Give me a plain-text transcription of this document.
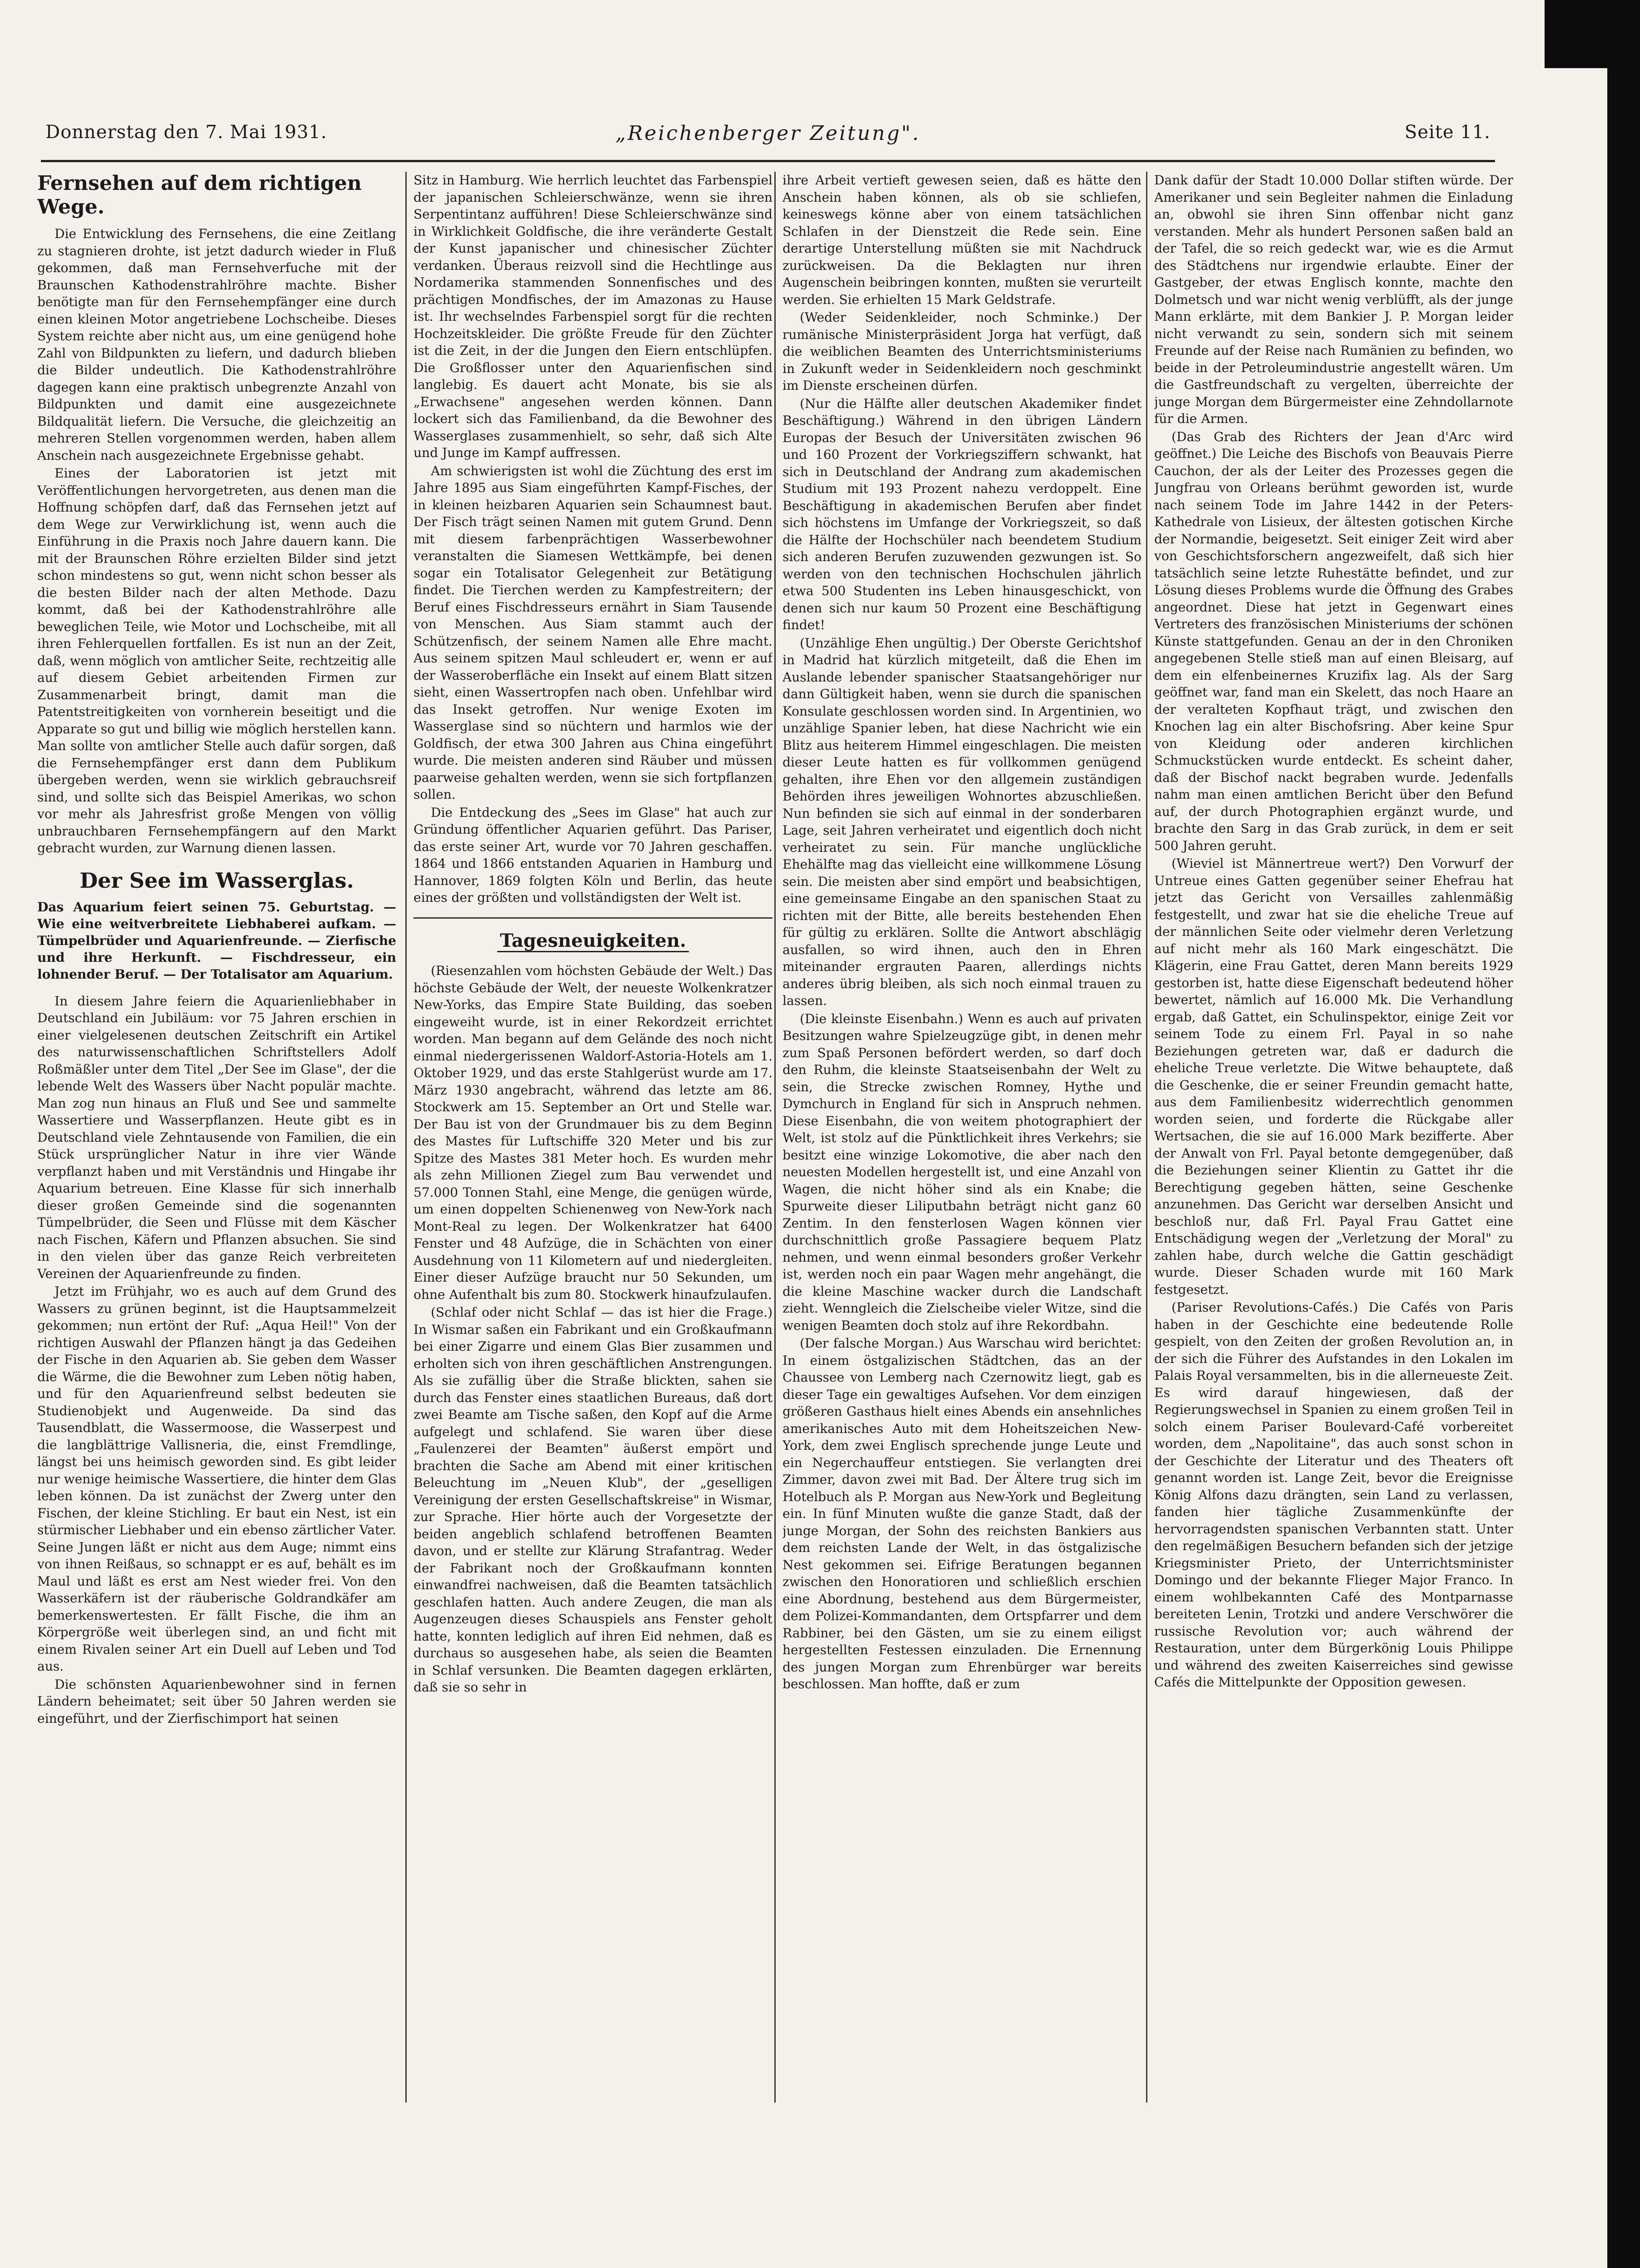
Donnerstag den 7. Mai 1931.	„Reichenberger Zeitung".	Seite 11.
Fernsehen auf dem richtigen Wege.

Die Entwicklung des Fernsehens, die eine Zeitlang zu stagnieren drohte, ist jetzt dadurch wieder in Fluß gekommen, daß man Fernsehverfuche mit der Braunschen Kathodenstrahlröhre machte. Bisher benötigte man für den Fernsehempfänger eine durch einen kleinen Motor angetriebene Lochscheibe. Dieses System reichte aber nicht aus, um eine genügend hohe Zahl von Bildpunkten zu liefern, und dadurch blieben die Bilder undeutlich. Die Kathodenstrahlröhre dagegen kann eine praktisch unbegrenzte Anzahl von Bildpunkten und damit eine ausgezeichnete Bildqualität liefern. Die Versuche, die gleichzeitig an mehreren Stellen vorgenommen werden, haben allem Anschein nach ausgezeichnete Ergebnisse gehabt.

Eines der Laboratorien ist jetzt mit Veröffentlichungen hervorgetreten, aus denen man die Hoffnung schöpfen darf, daß das Fernsehen jetzt auf dem Wege zur Verwirklichung ist, wenn auch die Einführung in die Praxis noch Jahre dauern kann. Die mit der Braunschen Röhre erzielten Bilder sind jetzt schon mindestens so gut, wenn nicht schon besser als die besten Bilder nach der alten Methode. Dazu kommt, daß bei der Kathodenstrahlröhre alle beweglichen Teile, wie Motor und Lochscheibe, mit all ihren Fehlerquellen fortfallen. Es ist nun an der Zeit, daß, wenn möglich von amtlicher Seite, rechtzeitig alle auf diesem Gebiet arbeitenden Firmen zur Zusammenarbeit bringt, damit man die Patentstreitigkeiten von vornherein beseitigt und die Apparate so gut und billig wie möglich herstellen kann. Man sollte von amtlicher Stelle auch dafür sorgen, daß die Fernsehempfänger erst dann dem Publikum übergeben werden, wenn sie wirklich gebrauchsreif sind, und sollte sich das Beispiel Amerikas, wo schon vor mehr als Jahresfrist große Mengen von völlig unbrauchbaren Fernsehempfängern auf den Markt gebracht wurden, zur Warnung dienen lassen.

Der See im Wasserglas.
Das Aquarium feiert seinen 75. Geburtstag. — Wie eine weitverbreitete Liebhaberei aufkam. — Tümpelbrüder und Aquarienfreunde. — Zierfische und ihre Herkunft. — Fischdresseur, ein lohnender Beruf. — Der Totalisator am Aquarium.

In diesem Jahre feiern die Aquarienliebhaber in Deutschland ein Jubiläum: vor 75 Jahren erschien in einer vielgelesenen deutschen Zeitschrift ein Artikel des naturwissenschaftlichen Schriftstellers Adolf Roßmäßler unter dem Titel „Der See im Glase", der die lebende Welt des Wassers über Nacht populär machte. Man zog nun hinaus an Fluß und See und sammelte Wassertiere und Wasserpflanzen. Heute gibt es in Deutschland viele Zehntausende von Familien, die ein Stück ursprünglicher Natur in ihre vier Wände verpflanzt haben und mit Verständnis und Hingabe ihr Aquarium betreuen. Eine Klasse für sich innerhalb dieser großen Gemeinde sind die sogenannten Tümpelbrüder, die Seen und Flüsse mit dem Käscher nach Fischen, Käfern und Pflanzen absuchen. Sie sind in den vielen über das ganze Reich verbreiteten Vereinen der Aquarienfreunde zu finden.

Jetzt im Frühjahr, wo es auch auf dem Grund des Wassers zu grünen beginnt, ist die Hauptsammelzeit gekommen; nun ertönt der Ruf: „Aqua Heil!" Von der richtigen Auswahl der Pflanzen hängt ja das Gedeihen der Fische in den Aquarien ab. Sie geben dem Wasser die Wärme, die die Bewohner zum Leben nötig haben, und für den Aquarienfreund selbst bedeuten sie Studienobjekt und Augenweide. Da sind das Tausendblatt, die Wassermoose, die Wasserpest und die langblättrige Vallisneria, die, einst Fremdlinge, längst bei uns heimisch geworden sind. Es gibt leider nur wenige heimische Wassertiere, die hinter dem Glas leben können. Da ist zunächst der Zwerg unter den Fischen, der kleine Stichling. Er baut ein Nest, ist ein stürmischer Liebhaber und ein ebenso zärtlicher Vater. Seine Jungen läßt er nicht aus dem Auge; nimmt eins von ihnen Reißaus, so schnappt er es auf, behält es im Maul und läßt es erst am Nest wieder frei. Von den Wasserkäfern ist der räuberische Goldrandkäfer am bemerkenswertesten. Er fällt Fische, die ihm an Körpergröße weit überlegen sind, an und ficht mit einem Rivalen seiner Art ein Duell auf Leben und Tod aus.

Die schönsten Aquarienbewohner sind in fernen Ländern beheimatet; seit über 50 Jahren werden sie eingeführt, und der Zierfischimport hat seinen

Sitz in Hamburg. Wie herrlich leuchtet das Farbenspiel der japanischen Schleierschwänze, wenn sie ihren Serpentintanz aufführen! Diese Schleierschwänze sind in Wirklichkeit Goldfische, die ihre veränderte Gestalt der Kunst japanischer und chinesischer Züchter verdanken. Überaus reizvoll sind die Hechtlinge aus Nordamerika stammenden Sonnenfisches und des prächtigen Mondfisches, der im Amazonas zu Hause ist. Ihr wechselndes Farbenspiel sorgt für die rechten Hochzeitskleider. Die größte Freude für den Züchter ist die Zeit, in der die Jungen den Eiern entschlüpfen. Die Großflosser unter den Aquarienfischen sind langlebig. Es dauert acht Monate, bis sie als „Erwachsene" angesehen werden können. Dann lockert sich das Familienband, da die Bewohner des Wasserglases zusammenhielt, so sehr, daß sich Alte und Junge im Kampf auffressen.

Am schwierigsten ist wohl die Züchtung des erst im Jahre 1895 aus Siam eingeführten Kampf-Fisches, der in kleinen heizbaren Aquarien sein Schaumnest baut. Der Fisch trägt seinen Namen mit gutem Grund. Denn mit diesem farbenprächtigen Wasserbewohner veranstalten die Siamesen Wettkämpfe, bei denen sogar ein Totalisator Gelegenheit zur Betätigung findet. Die Tierchen werden zu Kampfestreitern; der Beruf eines Fischdresseurs ernährt in Siam Tausende von Menschen. Aus Siam stammt auch der Schützenfisch, der seinem Namen alle Ehre macht. Aus seinem spitzen Maul schleudert er, wenn er auf der Wasseroberfläche ein Insekt auf einem Blatt sitzen sieht, einen Wassertropfen nach oben. Unfehlbar wird das Insekt getroffen. Nur wenige Exoten im Wasserglase sind so nüchtern und harmlos wie der Goldfisch, der etwa 300 Jahren aus China eingeführt wurde. Die meisten anderen sind Räuber und müssen paarweise gehalten werden, wenn sie sich fortpflanzen sollen.

Die Entdeckung des „Sees im Glase" hat auch zur Gründung öffentlicher Aquarien geführt. Das Pariser, das erste seiner Art, wurde vor 70 Jahren geschaffen. 1864 und 1866 entstanden Aquarien in Hamburg und Hannover, 1869 folgten Köln und Berlin, das heute eines der größten und vollständigsten der Welt ist.

Tagesneuigkeiten.

(Riesenzahlen vom höchsten Gebäude der Welt.) Das höchste Gebäude der Welt, der neueste Wolkenkratzer New-Yorks, das Empire State Building, das soeben eingeweiht wurde, ist in einer Rekordzeit errichtet worden. Man begann auf dem Gelände des noch nicht einmal niedergerissenen Waldorf-Astoria-Hotels am 1. Oktober 1929, und das erste Stahlgerüst wurde am 17. März 1930 angebracht, während das letzte am 86. Stockwerk am 15. September an Ort und Stelle war. Der Bau ist von der Grundmauer bis zu dem Beginn des Mastes für Luftschiffe 320 Meter und bis zur Spitze des Mastes 381 Meter hoch. Es wurden mehr als zehn Millionen Ziegel zum Bau verwendet und 57.000 Tonnen Stahl, eine Menge, die genügen würde, um einen doppelten Schienenweg von New-York nach Mont-Real zu legen. Der Wolkenkratzer hat 6400 Fenster und 48 Aufzüge, die in Schächten von einer Ausdehnung von 11 Kilometern auf und niedergleiten. Einer dieser Aufzüge braucht nur 50 Sekunden, um ohne Aufenthalt bis zum 80. Stockwerk hinaufzulaufen.

(Schlaf oder nicht Schlaf — das ist hier die Frage.) In Wismar saßen ein Fabrikant und ein Großkaufmann bei einer Zigarre und einem Glas Bier zusammen und erholten sich von ihren geschäftlichen Anstrengungen. Als sie zufällig über die Straße blickten, sahen sie durch das Fenster eines staatlichen Bureaus, daß dort zwei Beamte am Tische saßen, den Kopf auf die Arme aufgelegt und schlafend. Sie waren über diese „Faulenzerei der Beamten" äußerst empört und brachten die Sache am Abend mit einer kritischen Beleuchtung im „Neuen Klub", der „geselligen Vereinigung der ersten Gesellschaftskreise" in Wismar, zur Sprache. Hier hörte auch der Vorgesetzte der beiden angeblich schlafend betroffenen Beamten davon, und er stellte zur Klärung Strafantrag. Weder der Fabrikant noch der Großkaufmann konnten einwandfrei nachweisen, daß die Beamten tatsächlich geschlafen hatten. Auch andere Zeugen, die man als Augenzeugen dieses Schauspiels ans Fenster geholt hatte, konnten lediglich auf ihren Eid nehmen, daß es durchaus so ausgesehen habe, als seien die Beamten in Schlaf versunken. Die Beamten dagegen erklärten, daß sie so sehr in

ihre Arbeit vertieft gewesen seien, daß es hätte den Anschein haben können, als ob sie schliefen, keineswegs könne aber von einem tatsächlichen Schlafen in der Dienstzeit die Rede sein. Eine derartige Unterstellung müßten sie mit Nachdruck zurückweisen. Da die Beklagten nur ihren Augenschein beibringen konnten, mußten sie verurteilt werden. Sie erhielten 15 Mark Geldstrafe.

(Weder Seidenkleider, noch Schminke.) Der rumänische Ministerpräsident Jorga hat verfügt, daß die weiblichen Beamten des Unterrichtsministeriums in Zukunft weder in Seidenkleidern noch geschminkt im Dienste erscheinen dürfen.

(Nur die Hälfte aller deutschen Akademiker findet Beschäftigung.) Während in den übrigen Ländern Europas der Besuch der Universitäten zwischen 96 und 160 Prozent der Vorkriegsziffern schwankt, hat sich in Deutschland der Andrang zum akademischen Studium mit 193 Prozent nahezu verdoppelt. Eine Beschäftigung in akademischen Berufen aber findet sich höchstens im Umfange der Vorkriegszeit, so daß die Hälfte der Hochschüler nach beendetem Studium sich anderen Berufen zuzuwenden gezwungen ist. So werden von den technischen Hochschulen jährlich etwa 500 Studenten ins Leben hinausgeschickt, von denen sich nur kaum 50 Prozent eine Beschäftigung findet!

(Unzählige Ehen ungültig.) Der Oberste Gerichtshof in Madrid hat kürzlich mitgeteilt, daß die Ehen im Auslande lebender spanischer Staatsangehöriger nur dann Gültigkeit haben, wenn sie durch die spanischen Konsulate geschlossen worden sind. In Argentinien, wo unzählige Spanier leben, hat diese Nachricht wie ein Blitz aus heiterem Himmel eingeschlagen. Die meisten dieser Leute hatten es für vollkommen genügend gehalten, ihre Ehen vor den allgemein zuständigen Behörden ihres jeweiligen Wohnortes abzuschließen. Nun befinden sie sich auf einmal in der sonderbaren Lage, seit Jahren verheiratet und eigentlich doch nicht verheiratet zu sein. Für manche unglückliche Ehehälfte mag das vielleicht eine willkommene Lösung sein. Die meisten aber sind empört und beabsichtigen, eine gemeinsame Eingabe an den spanischen Staat zu richten mit der Bitte, alle bereits bestehenden Ehen für gültig zu erklären. Sollte die Antwort abschlägig ausfallen, so wird ihnen, auch den in Ehren miteinander ergrauten Paaren, allerdings nichts anderes übrig bleiben, als sich noch einmal trauen zu lassen.

(Die kleinste Eisenbahn.) Wenn es auch auf privaten Besitzungen wahre Spielzeugzüge gibt, in denen mehr zum Spaß Personen befördert werden, so darf doch den Ruhm, die kleinste Staatseisenbahn der Welt zu sein, die Strecke zwischen Romney, Hythe und Dymchurch in England für sich in Anspruch nehmen. Diese Eisenbahn, die von weitem photographiert der Welt, ist stolz auf die Pünktlichkeit ihres Verkehrs; sie besitzt eine winzige Lokomotive, die aber nach den neuesten Modellen hergestellt ist, und eine Anzahl von Wagen, die nicht höher sind als ein Knabe; die Spurweite dieser Liliputbahn beträgt nicht ganz 60 Zentim. In den fensterlosen Wagen können vier durchschnittlich große Passagiere bequem Platz nehmen, und wenn einmal besonders großer Verkehr ist, werden noch ein paar Wagen mehr angehängt, die die kleine Maschine wacker durch die Landschaft zieht. Wenngleich die Zielscheibe vieler Witze, sind die wenigen Beamten doch stolz auf ihre Rekordbahn.

(Der falsche Morgan.) Aus Warschau wird berichtet: In einem östgalizischen Städtchen, das an der Chaussee von Lemberg nach Czernowitz liegt, gab es dieser Tage ein gewaltiges Aufsehen. Vor dem einzigen größeren Gasthaus hielt eines Abends ein ansehnliches amerikanisches Auto mit dem Hoheitszeichen New-York, dem zwei Englisch sprechende junge Leute und ein Negerchauffeur entstiegen. Sie verlangten drei Zimmer, davon zwei mit Bad. Der Ältere trug sich im Hotelbuch als P. Morgan aus New-York und Begleitung ein. In fünf Minuten wußte die ganze Stadt, daß der junge Morgan, der Sohn des reichsten Bankiers aus dem reichsten Lande der Welt, in das östgalizische Nest gekommen sei. Eifrige Beratungen begannen zwischen den Honoratioren und schließlich erschien eine Abordnung, bestehend aus dem Bürgermeister, dem Polizei-Kommandanten, dem Ortspfarrer und dem Rabbiner, bei den Gästen, um sie zu einem eiligst hergestellten Festessen einzuladen. Die Ernennung des jungen Morgan zum Ehrenbürger war bereits beschlossen. Man hoffte, daß er zum

Dank dafür der Stadt 10.000 Dollar stiften würde. Der Amerikaner und sein Begleiter nahmen die Einladung an, obwohl sie ihren Sinn offenbar nicht ganz verstanden. Mehr als hundert Personen saßen bald an der Tafel, die so reich gedeckt war, wie es die Armut des Städtchens nur irgendwie erlaubte. Einer der Gastgeber, der etwas Englisch konnte, machte den Dolmetsch und war nicht wenig verblüfft, als der junge Mann erklärte, mit dem Bankier J. P. Morgan leider nicht verwandt zu sein, sondern sich mit seinem Freunde auf der Reise nach Rumänien zu befinden, wo beide in der Petroleumindustrie angestellt wären. Um die Gastfreundschaft zu vergelten, überreichte der junge Morgan dem Bürgermeister eine Zehndollarnote für die Armen.

(Das Grab des Richters der Jean d'Arc wird geöffnet.) Die Leiche des Bischofs von Beauvais Pierre Cauchon, der als der Leiter des Prozesses gegen die Jungfrau von Orleans berühmt geworden ist, wurde nach seinem Tode im Jahre 1442 in der Peters-Kathedrale von Lisieux, der ältesten gotischen Kirche der Normandie, beigesetzt. Seit einiger Zeit wird aber von Geschichtsforschern angezweifelt, daß sich hier tatsächlich seine letzte Ruhestätte befindet, und zur Lösung dieses Problems wurde die Öffnung des Grabes angeordnet. Diese hat jetzt in Gegenwart eines Vertreters des französischen Ministeriums der schönen Künste stattgefunden. Genau an der in den Chroniken angegebenen Stelle stieß man auf einen Bleisarg, auf dem ein elfenbeinernes Kruzifix lag. Als der Sarg geöffnet war, fand man ein Skelett, das noch Haare an der veralteten Kopfhaut trägt, und zwischen den Knochen lag ein alter Bischofsring. Aber keine Spur von Kleidung oder anderen kirchlichen Schmuckstücken wurde entdeckt. Es scheint daher, daß der Bischof nackt begraben wurde. Jedenfalls nahm man einen amtlichen Bericht über den Befund auf, der durch Photographien ergänzt wurde, und brachte den Sarg in das Grab zurück, in dem er seit 500 Jahren geruht.

(Wieviel ist Männertreue wert?) Den Vorwurf der Untreue eines Gatten gegenüber seiner Ehefrau hat jetzt das Gericht von Versailles zahlenmäßig festgestellt, und zwar hat sie die eheliche Treue auf der männlichen Seite oder vielmehr deren Verletzung auf nicht mehr als 160 Mark eingeschätzt. Die Klägerin, eine Frau Gattet, deren Mann bereits 1929 gestorben ist, hatte diese Eigenschaft bedeutend höher bewertet, nämlich auf 16.000 Mk. Die Verhandlung ergab, daß Gattet, ein Schulinspektor, einige Zeit vor seinem Tode zu einem Frl. Payal in so nahe Beziehungen getreten war, daß er dadurch die eheliche Treue verletzte. Die Witwe behauptete, daß die Geschenke, die er seiner Freundin gemacht hatte, aus dem Familienbesitz widerrechtlich genommen worden seien, und forderte die Rückgabe aller Wertsachen, die sie auf 16.000 Mark bezifferte. Aber der Anwalt von Frl. Payal betonte demgegenüber, daß die Beziehungen seiner Klientin zu Gattet ihr die Berechtigung gegeben hätten, seine Geschenke anzunehmen. Das Gericht war derselben Ansicht und beschloß nur, daß Frl. Payal Frau Gattet eine Entschädigung wegen der „Verletzung der Moral" zu zahlen habe, durch welche die Gattin geschädigt wurde. Dieser Schaden wurde mit 160 Mark festgesetzt.

(Pariser Revolutions-Cafés.) Die Cafés von Paris haben in der Geschichte eine bedeutende Rolle gespielt, von den Zeiten der großen Revolution an, in der sich die Führer des Aufstandes in den Lokalen im Palais Royal versammelten, bis in die allerneueste Zeit. Es wird darauf hingewiesen, daß der Regierungswechsel in Spanien zu einem großen Teil in solch einem Pariser Boulevard-Café vorbereitet worden, dem „Napolitaine", das auch sonst schon in der Geschichte der Literatur und des Theaters oft genannt worden ist. Lange Zeit, bevor die Ereignisse König Alfons dazu drängten, sein Land zu verlassen, fanden hier tägliche Zusammenkünfte der hervorragendsten spanischen Verbannten statt. Unter den regelmäßigen Besuchern befanden sich der jetzige Kriegsminister Prieto, der Unterrichtsminister Domingo und der bekannte Flieger Major Franco. In einem wohlbekannten Café des Montparnasse bereiteten Lenin, Trotzki und andere Verschwörer die russische Revolution vor; auch während der Restauration, unter dem Bürgerkönig Louis Philippe und während des zweiten Kaiserreiches sind gewisse Cafés die Mittelpunkte der Opposition gewesen.
